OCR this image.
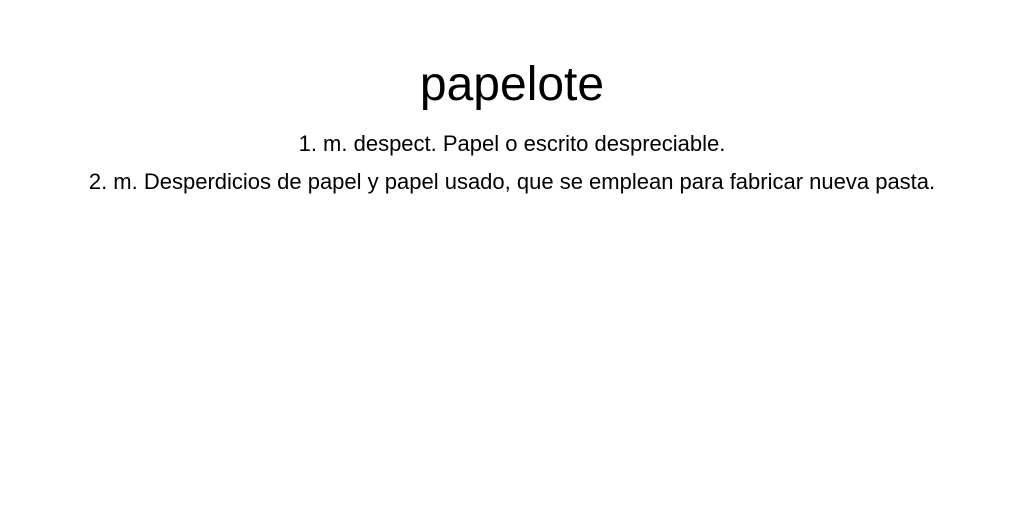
papelote
1. m. despect. Papel o escrito despreciable.
2. m. Desperdicios de papel y papel usado, que se emplean para fabricar nueva pasta.
